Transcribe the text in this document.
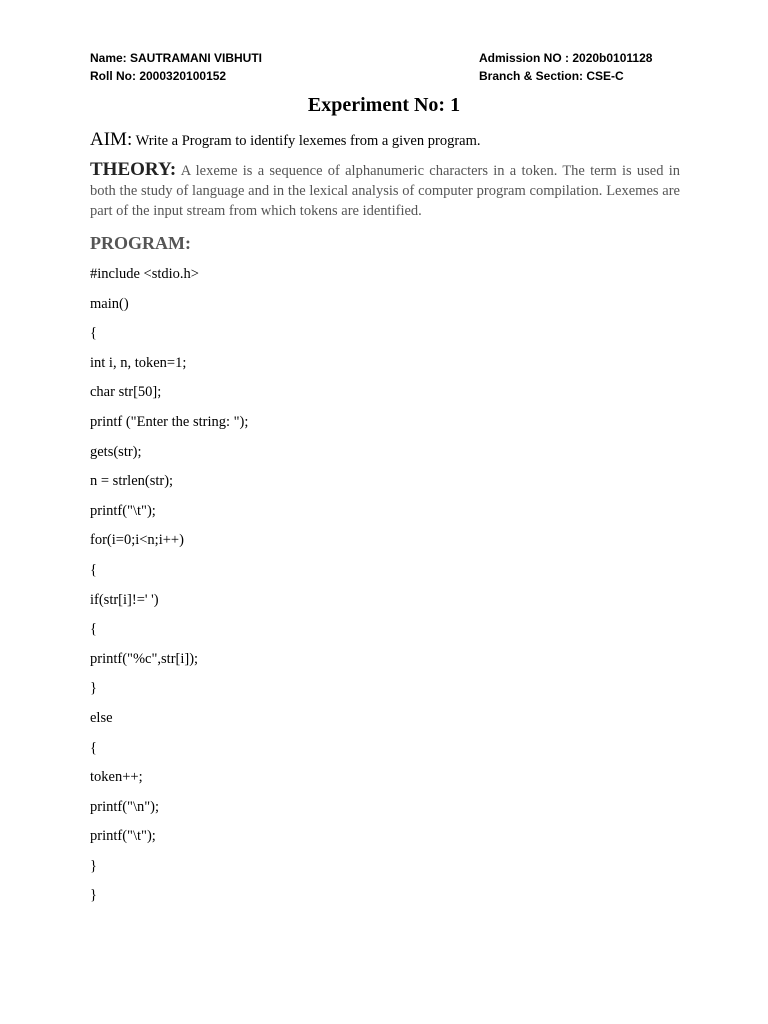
Name: SAUTRAMANI VIBHUTI	Admission NO : 2020b0101128
Roll No: 2000320100152	Branch & Section: CSE-C
Experiment No: 1
AIM: Write a Program to identify lexemes from a given program.
THEORY: A lexeme is a sequence of alphanumeric characters in a token. The term is used in both the study of language and in the lexical analysis of computer program compilation. Lexemes are part of the input stream from which tokens are identified.
PROGRAM:
#include <stdio.h>
main()
{
int i, n, token=1;
char str[50];
printf ("Enter the string: ");
gets(str);
n = strlen(str);
printf("\t");
for(i=0;i<n;i++)
{
if(str[i]!=' ')
{
printf("%c",str[i]);
}
else
{
token++;
printf("\n");
printf("\t");
}
}
